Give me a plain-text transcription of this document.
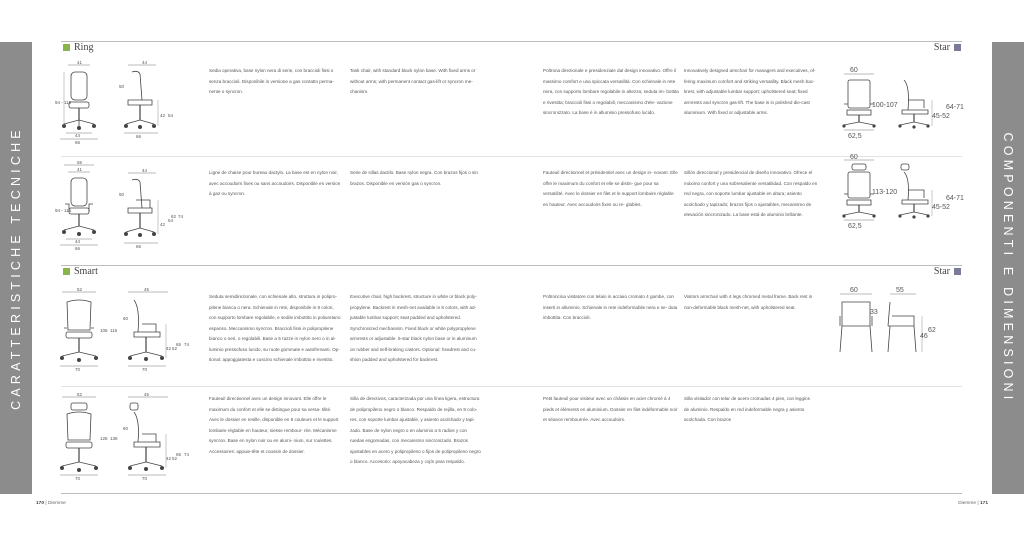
CARATTERISTICHE TECNICHE	COMPONENTI E DIMENSIONI
Ring	Star
Smart	Star
41
94 - 115
44
66
44
50
42 54
66
55
41
94 - 115
44
66
44
50
42
54
62 74
66
52
106 116
70
45
60
42 52
65 74
70
52
128 138
70
45
60
42 52
65 74
70
Sedia operativa, base nylon nera di serie, con braccioli fissi o senza braccioli. Disponibile in versione a gas contatto perma- nente o syncron.
Task chair, with standard black nylon base. With fixed arms or without arms; with permanent contact gas-lift or syncron me- chanism.
Ligne de chaise pour bureau dactylo. La base est en nylon noir, avec accoudoirs fixes ou sans accoudoirs. Disponible en version à gaz ou syncron.
Serie de sillas dactilo. Base nylon negra. Con brazos fijos o sin brazos. Disponible en versión gas o syncron.
Poltrona direzionale e presidenziale dal design innovativo. Offre il massimo comfort e una spiccata versatilità. Con schienale in rete nera, con supporto lombare regolabile in altezza; seduta im- bottita e rivestita; braccioli fissi o regolabili, meccanismo d'ele- vazione sincronizzato. La base è in alluminio pressofuso lucido.
Innovatively designed armchair for managers and executives, of- fering maximum comfort and striking versatility. Black mesh bac- krest, with adjustable lumbar support; upholstered seat; fixed armrests and syncron gas-lift. The base is in polished die-cast aluminium. With fixed or adjustable arms.
Fauteuil directionnel et présidentiel avec un design in- novant. Elle offre le maximum du confort et elle se distin- gue pour sa versatilité. Avec le dossier en filet et le support lombaire réglable en hauteur. Avec accoudoirs fixes ou re- glables.
Sillón direccional y presidencial de diseño innovativo. Ofrece el máximo confort y una sobresaliente versatilidad. Con respaldo en red negra, con soporte lumbar ajustable en altura; asiento acolchado y tapizado; brazos fijos o ajustables, mecanismo de elevación sincronizado. La base está de aluminio brillante.
Seduta semidirezionale, con schienale alto, struttura in polipro- pilene bianca o nera. Schienale in rete, disponibile in 8 colori, con supporto lombare regolabile, e sedile imbottito in poliuretano espanso. Meccanismo syncron. Braccioli fissi in polipropilene bianco o neri, o regolabili. Base a 5 razze in nylon nero o in al- luminio pressofuso lucido, su ruote gommate e autofrenanti. Op- tional: appoggiatesta e cuscino schienale imbottito e rivestito.
Executive chair, high backrest, structure in white or black poly- propylene. Backrest in mesh-net available in 8 colors, with ad- justable lumbar support; seat padded and upholstered. Synchronized mechanism. Fixed black or white polypropylene armrests or adjustable. 5-star black nylon base or in aluminum on rubber and self-braking castors. Optional: headrest and cu- shion padded and upholstered for backrest.
Fauteuil directionnel avec un design innovant. Elle offre le maximum du confort et elle se distingue pour sa versa- tilité. Avec le dossier en resille, disponible en 8 couleurs et le support lombaire réglable en hauteur, siesse rembour- rée. Mécanisme syncron. Base en nylon noir ou en alumi- nium, sur roulettes. Accessoires: appuie-tête et coussin de dossier.
Silla de directivos, caracterizada por una línea ligera, estructura de polipropileno negro o blanco. Respaldo de rejilla, en 8 colo- res, con soporte lumbar ajustable, y asiento acolchado y tapi- zado. Base de nylon negro o en aluminio a 5 radios y con ruedas engomadas, con mecanismo sincronizado. Brazos ajustables en acero y polipropileno o fijos de polipropileno negro o blanco. Accesorio: apoyacabeza y cojín para respaldo.
Poltroncina visitatore con telaio in acciaio cromato 4 gambe, con inserti in alluminio. Schienale in rete indeformabile nera e se- duta imbottita. Con braccioli.
Visitors armchair with 4 legs chromed metal frame. Back rest in non-deformable black mesh-net, with upholstered seat.
Petit fauteuil pour visiteur avec un châssis en acier chromé à 4 pieds et éléments en aluminium. Dossier en filet indéformable noir et séance rembourrée. Avec accoudoirs.
Silla visitador con telar de acero cromadas 4 pies, con leggins de aluminio. Respaldo en red indeformable negra y asiento acolchada. Con brazos
60
62,5
100-107	64-71
45-52
60
62,5
113-120
64-71
45-52
60	55
33
62
46
170 | Diemme	Diemme | 171
